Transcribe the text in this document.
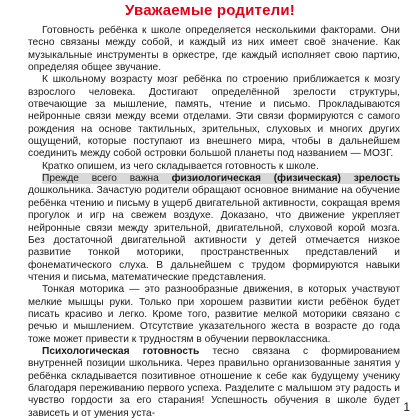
Уважаемые родители!

Готовность ребёнка к школе определяется несколькими факторами. Они тесно связаны между собой, и каждый из них имеет своё значение. Как музыкальные инструменты в оркестре, где каждый исполняет свою партию, определяя общее звучание.

К школьному возрасту мозг ребёнка по строению приближается к мозгу взрослого человека. Достигают определённой зрелости структуры, отвечающие за мышление, память, чтение и письмо. Прокладываются нейронные связи между всеми отделами. Эти связи формируются с самого рождения на основе тактильных, зрительных, слуховых и многих других ощущений, которые поступают из внешнего мира, чтобы в дальнейшем соединить между собой островки большой планеты под названием — МОЗГ.

Кратко опишем, из чего складывается готовность к школе.

Прежде всего важна физиологическая (физическая) зрелость дошкольника. Зачастую родители обращают основное внимание на обучение ребёнка чтению и письму в ущерб двигательной активности, сокращая время прогулок и игр на свежем воздухе. Доказано, что движение укрепляет нейронные связи между зрительной, двигательной, слуховой корой мозга. Без достаточной двигательной активности у детей отмечается низкое развитие тонкой моторики, пространственных представлений и фонематического слуха. В дальнейшем с трудом формируются навыки чтения и письма, математические представления.

Тонкая моторика — это разнообразные движения, в которых участвуют мелкие мышцы руки. Только при хорошем развитии кисти ребёнок будет писать красиво и легко. Кроме того, развитие мелкой моторики связано с речью и мышлением. Отсутствие указательного жеста в возрасте до года тоже может привести к трудностям в обучении первоклассника.

Психологическая готовность тесно связана с формированием внутренней позиции школьника. Через правильно организованные занятия у ребёнка складывается позитивное отношение к себе как будущему ученику благодаря переживанию первого успеха. Разделите с малышом эту радость и чувство гордости за его старания! Успешность обучения в школе будет зависеть и от умения уста-	1
